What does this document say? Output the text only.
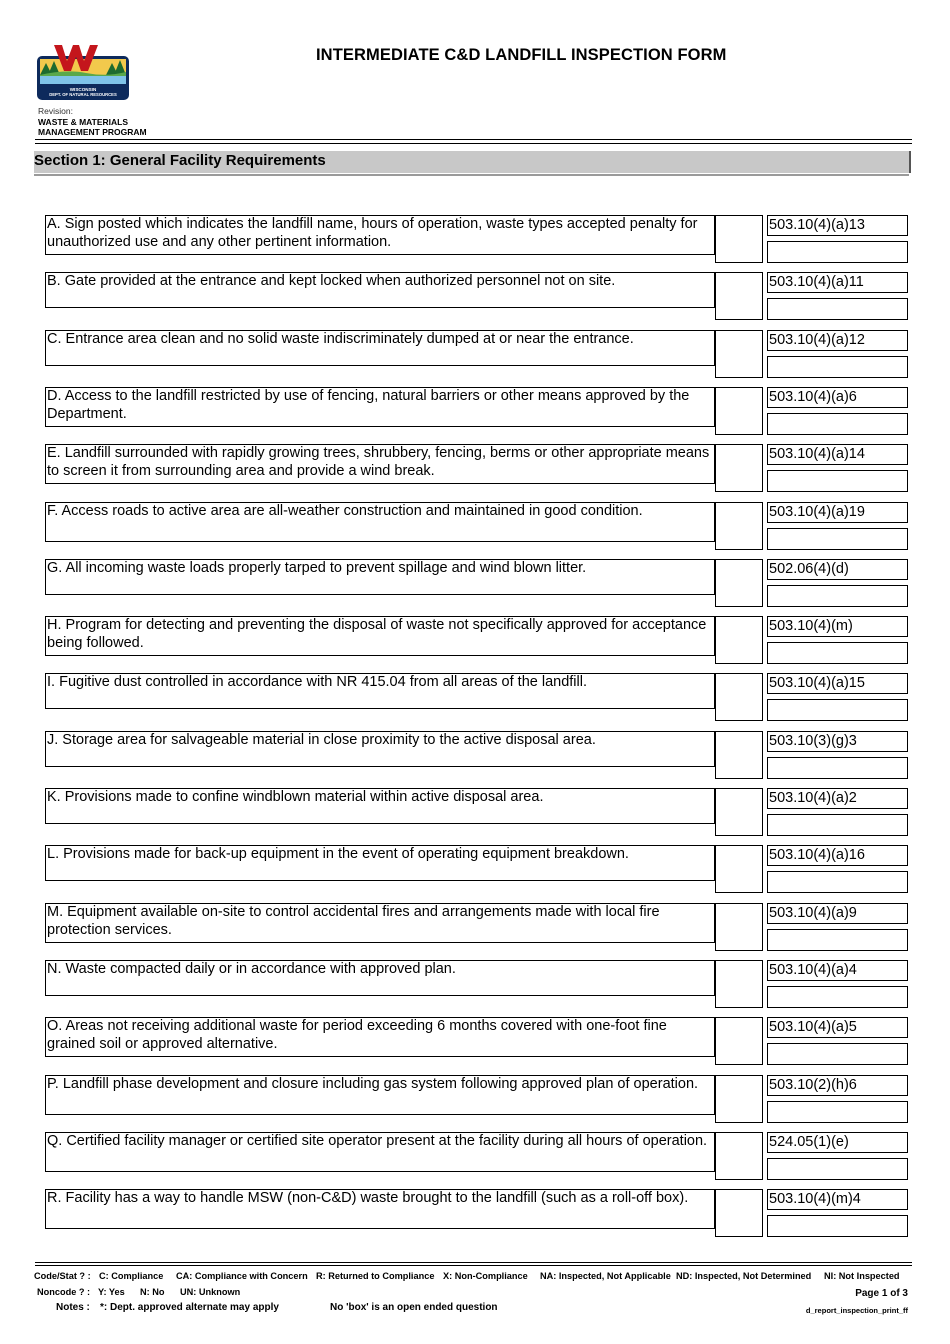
WISCONSIN
DEPT. OF NATURAL RESOURCES
Revision:
WASTE & MATERIALS MANAGEMENT PROGRAM
INTERMEDIATE C&D LANDFILL INSPECTION FORM
Section 1: General Facility Requirements
A. Sign posted which indicates the landfill name, hours of operation, waste types accepted penalty for unauthorized use and any other pertinent information.
503.10(4)(a)13
B. Gate provided at the entrance and kept locked when authorized personnel not on site.	503.10(4)(a)11
C. Entrance area clean and no solid waste indiscriminately dumped at or near the entrance.	503.10(4)(a)12
D. Access to the landfill restricted by use of fencing, natural barriers or other means approved by the Department.
503.10(4)(a)6
E. Landfill surrounded with rapidly growing trees, shrubbery, fencing, berms or other appropriate means to screen it from surrounding area and provide a wind break.
503.10(4)(a)14
F. Access roads to active area are all-weather construction and maintained in good condition.	503.10(4)(a)19
G. All incoming waste loads properly tarped to prevent spillage and wind blown litter.	502.06(4)(d)
H. Program for detecting and preventing the disposal of waste not specifically approved for acceptance being followed.
503.10(4)(m)
I. Fugitive dust controlled in accordance with NR 415.04 from all areas of the landfill.	503.10(4)(a)15
J. Storage area for salvageable material in close proximity to the active disposal area.	503.10(3)(g)3
K. Provisions made to confine windblown material within active disposal area.	503.10(4)(a)2
L. Provisions made for back-up equipment in the event of operating equipment breakdown.	503.10(4)(a)16
M. Equipment available on-site to control accidental fires and arrangements made with local fire protection services.
503.10(4)(a)9
N. Waste compacted daily or in accordance with approved plan.	503.10(4)(a)4
O. Areas not receiving additional waste for period exceeding 6 months covered with one-foot fine grained soil or approved alternative.
503.10(4)(a)5
P. Landfill phase development and closure including gas system following approved plan of operation.	503.10(2)(h)6
Q. Certified facility manager or certified site operator present at the facility during all hours of operation.	524.05(1)(e)
R. Facility has a way to handle MSW (non-C&D) waste brought to the landfill (such as a roll-off box).	503.10(4)(m)4
Code/Stat ? : C: Compliance CA: Compliance with Concern R: Returned to Compliance X: Non-Compliance NA: Inspected, Not Applicable ND: Inspected, Not Determined NI: Not Inspected
Noncode ? : Y: Yes N: No UN: Unknown
Notes : *: Dept. approved alternate may apply	No 'box' is an open ended question
Page 1 of 3
d_report_inspection_print_ff
